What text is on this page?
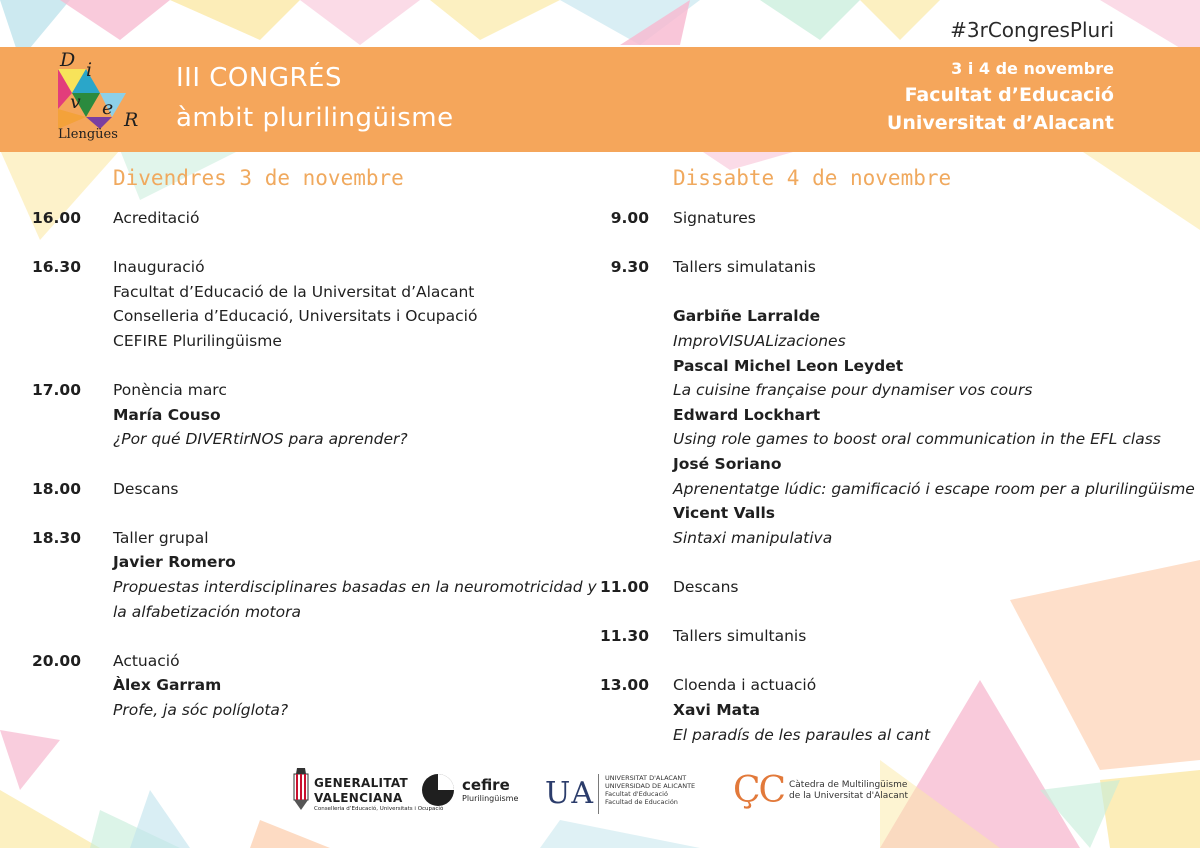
#3rCongresPluri
D i
v e
R
Llengües
III CONGRÉS
àmbit plurilingüisme
3 i 4 de novembre
Facultat d’Educació
Universitat d’Alacant
Divendres 3 de novembre	Dissabte 4 de novembre
16.00 Acreditació
16.30 Inauguració
Facultat d’Educació de la Universitat d’Alacant
Conselleria d’Educació, Universitats i Ocupació
CEFIRE Plurilingüisme
17.00 Ponència marc
María Couso
¿Por qué DIVERtirNOS para aprender?
18.00 Descans
18.30 Taller grupal
Javier Romero
Propuestas interdisciplinares basadas en la neuromotricidad y
la alfabetización motora
20.00 Actuació
Àlex Garram
Profe, ja sóc políglota?
9.00 Signatures
9.30 Tallers simulatanis

Garbiñe Larralde
ImproVISUALizaciones
Pascal Michel Leon Leydet
La cuisine française pour dynamiser vos cours
Edward Lockhart
Using role games to boost oral communication in the EFL class
José Soriano
Aprenentatge lúdic: gamificació i escape room per a plurilingüisme
Vicent Valls
Sintaxi manipulativa
11.00 Descans
11.30 Tallers simultanis
13.00 Cloenda i actuació
Xavi Mata
El paradís de les paraules al cant
GENERALITAT
VALENCIANA
Conselleria d’Educació, Universitats i Ocupació
cefire
Plurilingüisme UA UNIVERSITAT D'ALACANT
UNIVERSIDAD DE ALICANTE
Facultat d'Educació
Facultad de Educación	ÇC Càtedra de Multilingüisme
de la Universitat d'Alacant
